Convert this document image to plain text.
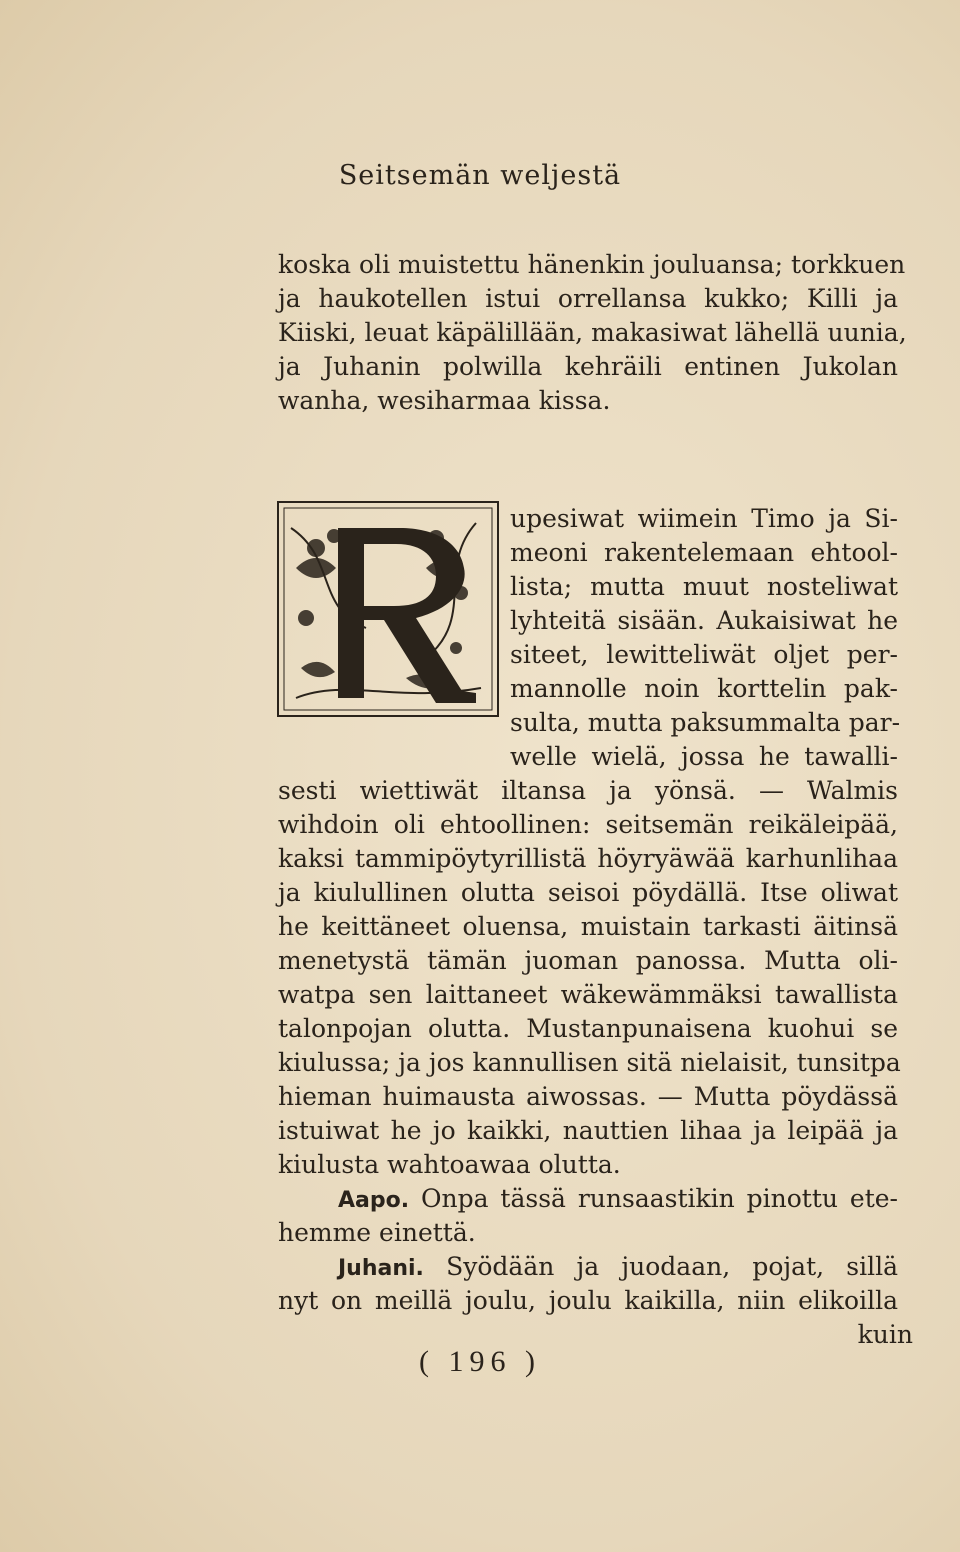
Seitsemän weljestä
koska oli muistettu hänenkin jouluansa; torkkuen
ja haukotellen istui orrellansa kukko; Killi ja
Kiiski, leuat käpälillään, makasiwat lähellä uunia,
ja Juhanin polwilla kehräili entinen Jukolan
wanha, wesiharmaa kissa.
upesiwat wiimein Timo ja Si-
meoni rakentelemaan ehtool-
lista; mutta muut nosteliwat
lyhteitä sisään. Aukaisiwat he
siteet, lewitteliwät oljet per-
mannolle noin korttelin pak-
sulta, mutta paksummalta par-
welle wielä, jossa he tawalli-
sesti wiettiwät iltansa ja yönsä. — Walmis
wihdoin oli ehtoollinen: seitsemän reikäleipää,
kaksi tammipöytyrillistä höyryäwää karhunlihaa
ja kiulullinen olutta seisoi pöydällä. Itse oliwat
he keittäneet oluensa, muistain tarkasti äitinsä
menetystä tämän juoman panossa. Mutta oli-
watpa sen laittaneet wäkewämmäksi tawallista
talonpojan olutta. Mustanpunaisena kuohui se
kiulussa; ja jos kannullisen sitä nielaisit, tunsitpa
hieman huimausta aiwossas. — Mutta pöydässä
istuiwat he jo kaikki, nauttien lihaa ja leipää ja
kiulusta wahtoawaa olutta.
Aapo. Onpa tässä runsaastikin pinottu ete-
hemme einettä.
Juhani. Syödään ja juodaan, pojat, sillä
nyt on meillä joulu, joulu kaikilla, niin elikoilla
kuin
( 196 )
